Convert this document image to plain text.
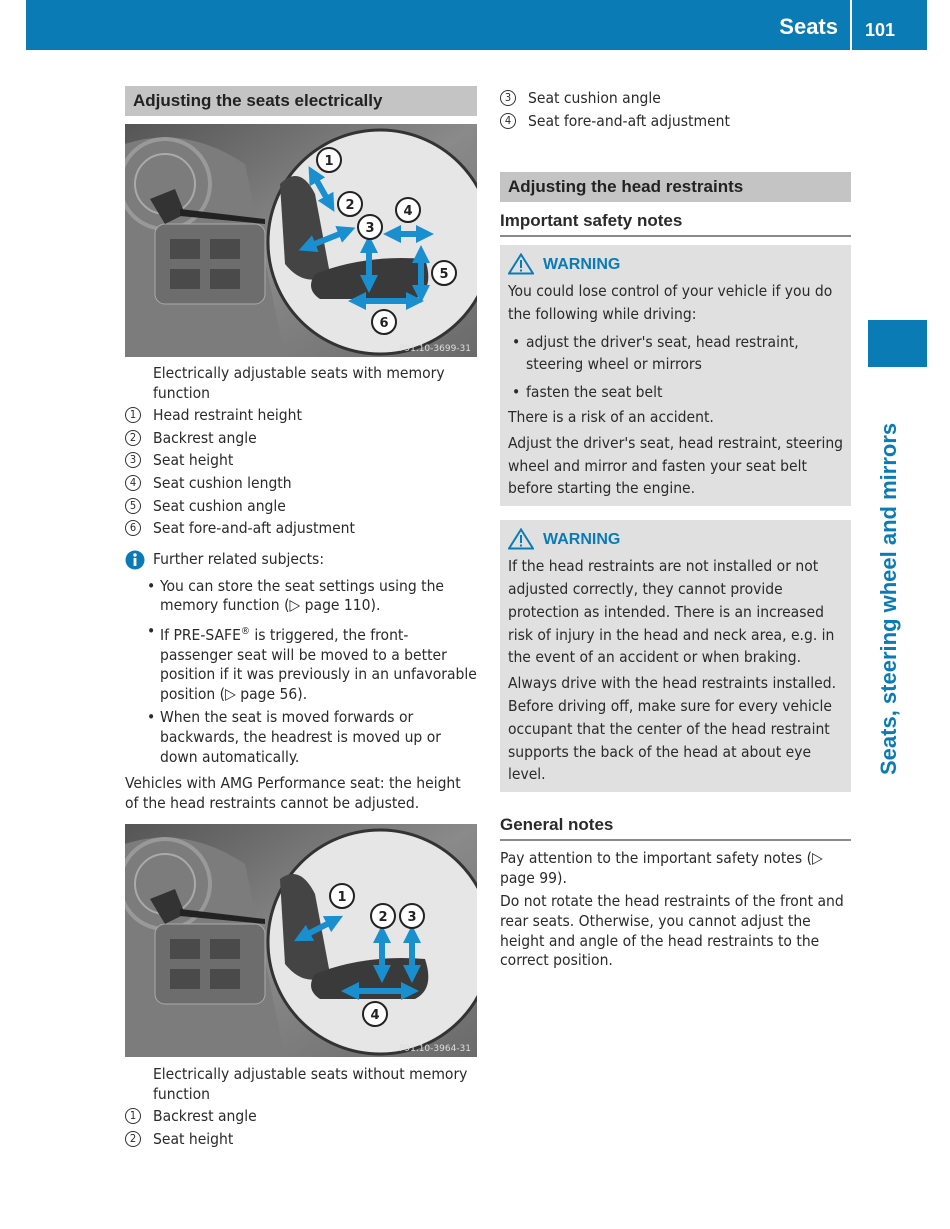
Seats 101
Seats, steering wheel and mirrors
Adjusting the seats electrically
1
2
3
4
5
6
P91.10-3699-31
Electrically adjustable seats with memory function
1	Head restraint height
2	Backrest angle
3	Seat height
4	Seat cushion length
5	Seat cushion angle
6	Seat fore-and-aft adjustment
Further related subjects:
• You can store the seat settings using the memory function (▷ page 110).
• If PRE-SAFE® is triggered, the front-passenger seat will be moved to a better position if it was previously in an unfavorable position (▷ page 56).
• When the seat is moved forwards or backwards, the headrest is moved up or down automatically.
Vehicles with AMG Performance seat: the height of the head restraints cannot be adjusted.
1
2 3
4
P91.10-3964-31
Electrically adjustable seats without memory function
1	Backrest angle
2	Seat height
3	Seat cushion angle
4	Seat fore-and-aft adjustment
Adjusting the head restraints
Important safety notes
WARNING

You could lose control of your vehicle if you do the following while driving:

• adjust the driver's seat, head restraint, steering wheel or mirrors
• fasten the seat belt

There is a risk of an accident.

Adjust the driver's seat, head restraint, steering wheel and mirror and fasten your seat belt before starting the engine.

WARNING

If the head restraints are not installed or not adjusted correctly, they cannot provide protection as intended. There is an increased risk of injury in the head and neck area, e.g. in the event of an accident or when braking.

Always drive with the head restraints installed. Before driving off, make sure for every vehicle occupant that the center of the head restraint supports the back of the head at about eye level.

General notes
Pay attention to the important safety notes (▷ page 99).
Do not rotate the head restraints of the front and rear seats. Otherwise, you cannot adjust the height and angle of the head restraints to the correct position.
